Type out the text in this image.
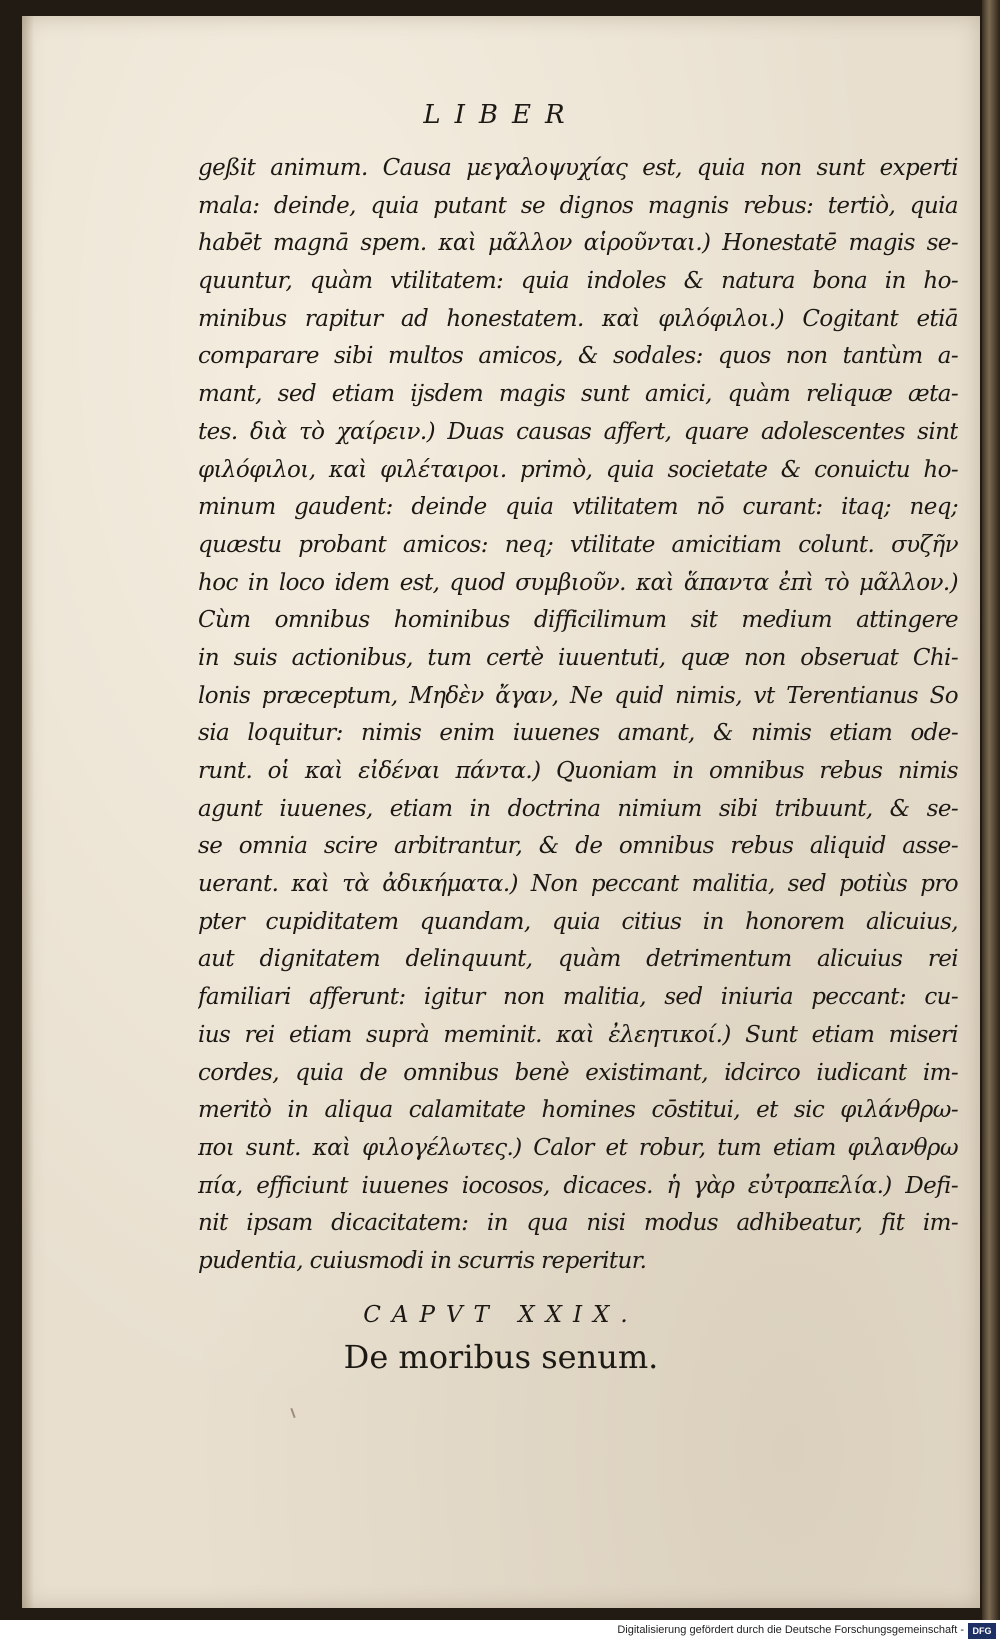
LIBER
geßit animum. Causa μεγαλοψυχίας est, quia non sunt experti
mala: deinde, quia putant se dignos magnis rebus: tertiò, quia
habēt magnā spem. καὶ μᾶλλον αἱροῦνται.) Honestatē magis se-
quuntur, quàm vtilitatem: quia indoles & natura bona in ho-
minibus rapitur ad honestatem. καὶ φιλόφιλοι.) Cogitant etiā
comparare sibi multos amicos, & sodales: quos non tantùm a-
mant, sed etiam ijsdem magis sunt amici, quàm reliquæ æta-
tes. διὰ τὸ χαίρειν.) Duas causas affert, quare adolescentes sint
φιλόφιλοι, καὶ φιλέταιροι. primò, quia societate & conuictu ho-
minum gaudent: deinde quia vtilitatem nō curant: itaq; neq;
quæstu probant amicos: neq; vtilitate amicitiam colunt. συζῆν
hoc in loco idem est, quod συμβιοῦν. καὶ ἅπαντα ἐπὶ τὸ μᾶλλον.)
Cùm omnibus hominibus difficilimum sit medium attingere
in suis actionibus, tum certè iuuentuti, quæ non obseruat Chi-
lonis præceptum, Μηδὲν ἄγαν, Ne quid nimis, vt Terentianus So
sia loquitur: nimis enim iuuenes amant, & nimis etiam ode-
runt. οἱ καὶ εἰδέναι πάντα.) Quoniam in omnibus rebus nimis
agunt iuuenes, etiam in doctrina nimium sibi tribuunt, & se-
se omnia scire arbitrantur, & de omnibus rebus aliquid asse-
uerant. καὶ τὰ ἀδικήματα.) Non peccant malitia, sed potiùs pro
pter cupiditatem quandam, quia citius in honorem alicuius,
aut dignitatem delinquunt, quàm detrimentum alicuius rei
familiari afferunt: igitur non malitia, sed iniuria peccant: cu-
ius rei etiam suprà meminit. καὶ ἐλεητικοί.) Sunt etiam miseri
cordes, quia de omnibus benè existimant, idcirco iudicant im-
meritò in aliqua calamitate homines cōstitui, et sic φιλάνθρω-
ποι sunt. καὶ φιλογέλωτες.) Calor et robur, tum etiam φιλανθρω
πία, efficiunt iuuenes iocosos, dicaces. ἡ γὰρ εὐτραπελία.) Defi-
nit ipsam dicacitatem: in qua nisi modus adhibeatur, fit im-
pudentia, cuiusmodi in scurris reperitur.
CAPVT XXIX.
De moribus senum.
Digitalisierung gefördert durch die Deutsche Forschungsgemeinschaft - DFG
